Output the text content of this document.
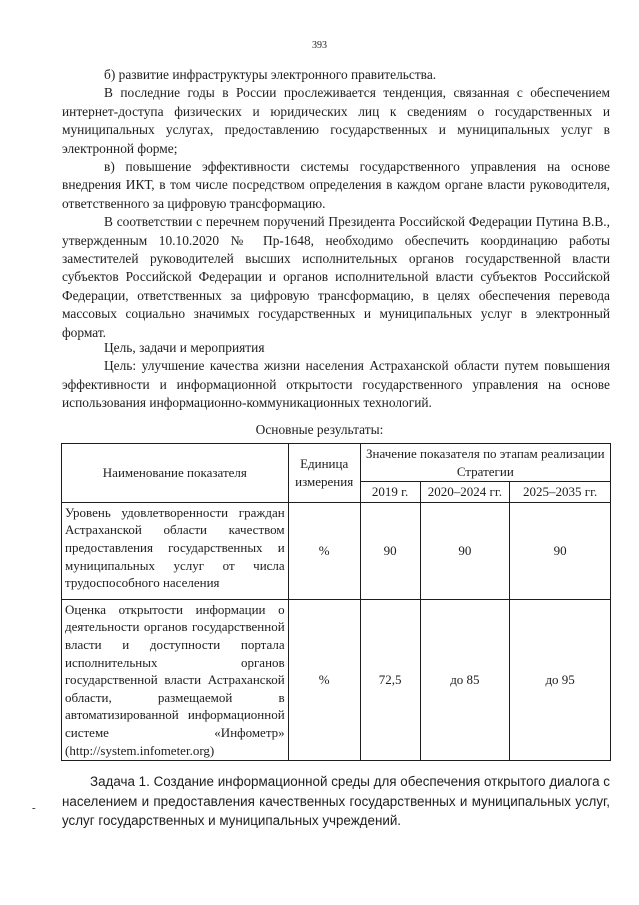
393

б) развитие инфраструктуры электронного правительства.

В последние годы в России прослеживается тенденция, связанная с обеспечением интернет-доступа физических и юридических лиц к сведениям о государственных и муниципальных услугах, предоставлению государственных и муниципальных услуг в электронной форме;

в) повышение эффективности системы государственного управления на основе внедрения ИКТ, в том числе посредством определения в каждом органе власти руководителя, ответственного за цифровую трансформацию.

В соответствии с перечнем поручений Президента Российской Федерации Путина В.В., утвержденным 10.10.2020 № Пр-1648, необходимо обеспечить координацию работы заместителей руководителей высших исполнительных органов государственной власти субъектов Российской Федерации и органов исполнительной власти субъектов Российской Федерации, ответственных за цифровую трансформацию, в целях обеспечения перевода массовых социально значимых государственных и муниципальных услуг в электронный формат.

Цель, задачи и мероприятия

Цель: улучшение качества жизни населения Астраханской области путем повышения эффективности и информационной открытости государственного управления на основе использования информационно-коммуникационных технологий.

Основные результаты:
Наименование показателя	Единица измерения	Значение показателя по этапам реализации Стратегии		
		2019 г.	2020–2024 гг.	2025–2035 гг.
Уровень удовлетворенности граждан Астраханской области качеством предоставления государственных и муниципальных услуг от числа трудоспособного населения	%	90	90	90
Оценка открытости информации о деятельности органов государственной власти и доступности портала исполнительных органов государственной власти Астраханской области, размещаемой в автоматизированной информационной системе «Инфометр» (http://system.infometer.org)	%	72,5	до 85	до 95

Задача 1. Создание информационной среды для обеспечения открытого диалога с населением и предоставления качественных государственных и муниципальных услуг, услуг государственных и муниципальных учреждений.

-
